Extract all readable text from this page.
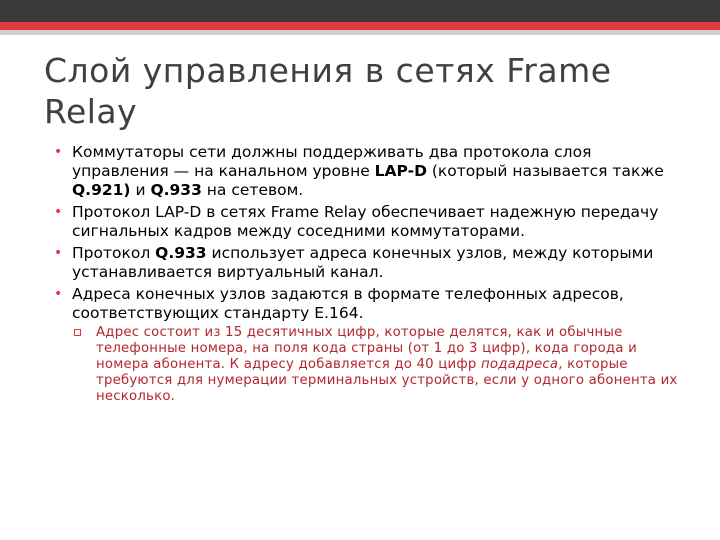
Слой управления в сетях Frame Relay
• Коммутаторы сети должны поддерживать два протокола слоя управления — на канальном уровне LAP-D (который называется также Q.921) и Q.933 на сетевом.
• Протокол LAP-D в сетях Frame Relay обеспечивает надежную передачу сигнальных кадров между соседними коммутаторами.
• Протокол Q.933 использует адреса конечных узлов, между которыми устанавливается виртуальный канал.
• Адреса конечных узлов задаются в формате телефонных адресов, соответствующих стандарту E.164.
Адрес состоит из 15 десятичных цифр, которые делятся, как и обычные телефонные номера, на поля кода страны (от 1 до 3 цифр), кода города и номера абонента. К адресу добавляется до 40 цифр подадреса, которые требуются для нумерации терминальных устройств, если у одного абонента их несколько.
